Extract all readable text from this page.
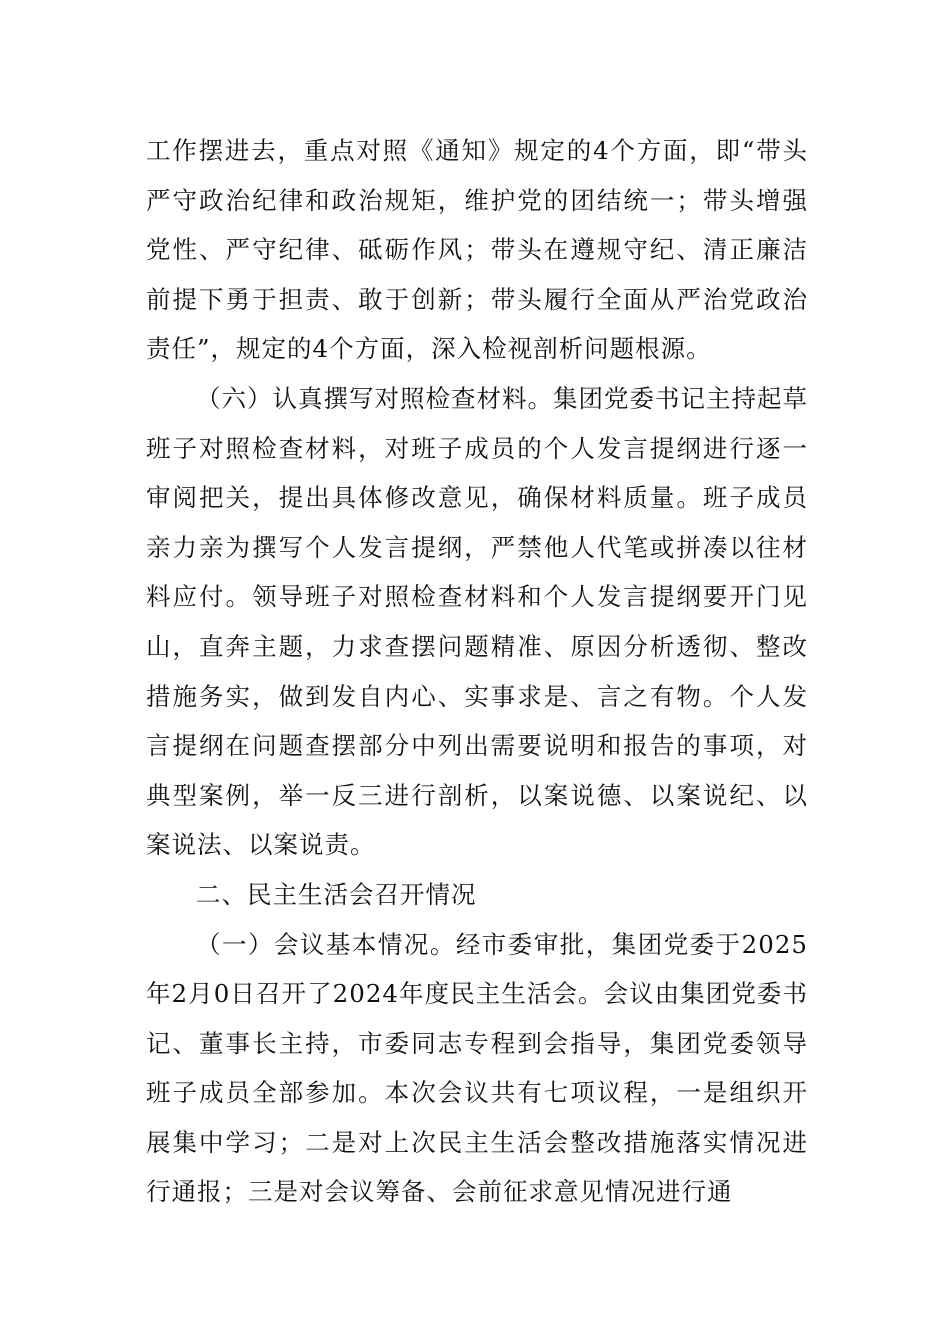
工作摆进去，重点对照《通知》规定的4个方面，即“带头严守政治纪律和政治规矩，维护党的团结统一；带头增强党性、严守纪律、砥砺作风；带头在遵规守纪、清正廉洁前提下勇于担责、敢于创新；带头履行全面从严治党政治责任”，规定的4个方面，深入检视剖析问题根源。

（六）认真撰写对照检查材料。集团党委书记主持起草班子对照检查材料，对班子成员的个人发言提纲进行逐一审阅把关，提出具体修改意见，确保材料质量。班子成员亲力亲为撰写个人发言提纲，严禁他人代笔或拼凑以往材料应付。领导班子对照检查材料和个人发言提纲要开门见山，直奔主题，力求查摆问题精准、原因分析透彻、整改措施务实，做到发自内心、实事求是、言之有物。个人发言提纲在问题查摆部分中列出需要说明和报告的事项，对典型案例，举一反三进行剖析，以案说德、以案说纪、以案说法、以案说责。

二、民主生活会召开情况

（一）会议基本情况。经市委审批，集团党委于2025年2月0日召开了2024年度民主生活会。会议由集团党委书记、董事长主持，市委同志专程到会指导，集团党委领导班子成员全部参加。本次会议共有七项议程，一是组织开展集中学习；二是对上次民主生活会整改措施落实情况进行通报；三是对会议筹备、会前征求意见情况进行通
